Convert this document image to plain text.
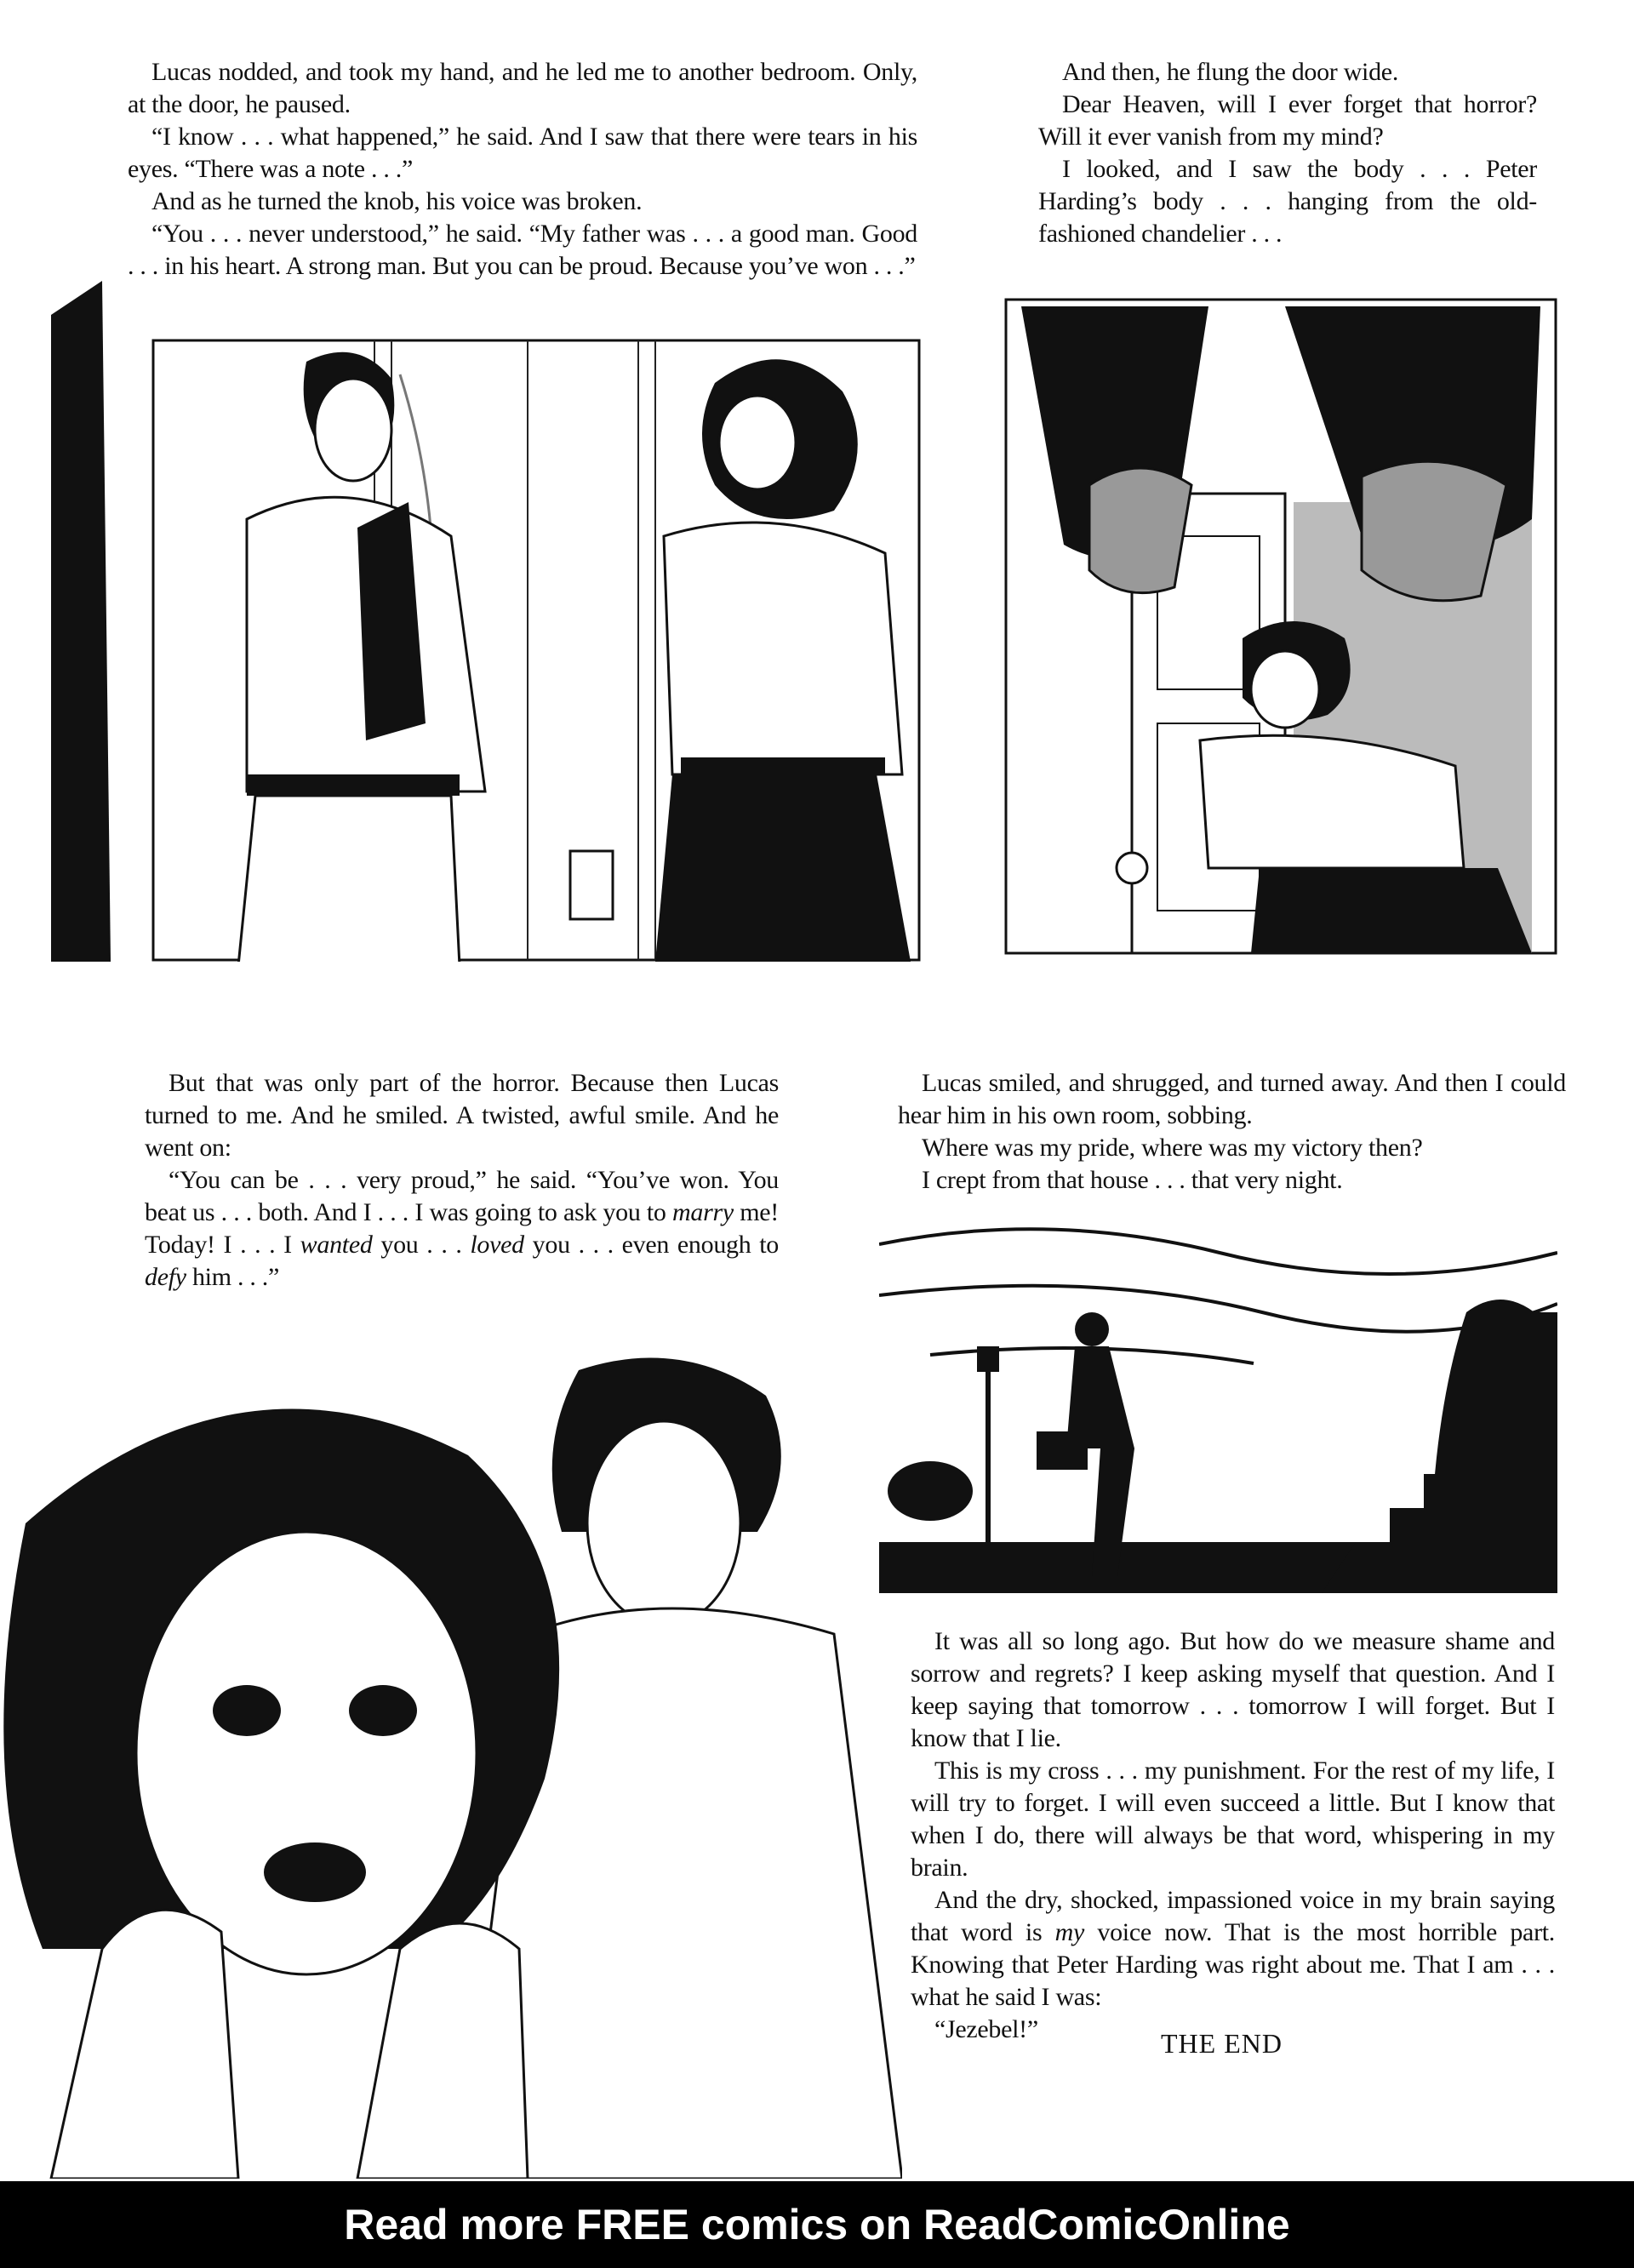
Lucas nodded, and took my hand, and he led me to another bedroom. Only, at the door, he paused.

“I know . . . what happened,” he said. And I saw that there were tears in his eyes. “There was a note . . .”

And as he turned the knob, his voice was broken.

“You . . . never understood,” he said. “My father was . . . a good man. Good . . . in his heart. A strong man. But you can be proud. Because you’ve won . . .”

And then, he flung the door wide.

Dear Heaven, will I ever forget that horror? Will it ever vanish from my mind?

I looked, and I saw the body . . . Peter Harding’s body . . . hanging from the old-fashioned chandelier . . .

But that was only part of the horror. Because then Lucas turned to me. And he smiled. A twisted, awful smile. And he went on:

“You can be . . . very proud,” he said. “You’ve won. You beat us . . . both. And I . . . I was going to ask you to marry me! Today! I . . . I wanted you . . . loved you . . . even enough to defy him . . .”

Lucas smiled, and shrugged, and turned away. And then I could hear him in his own room, sobbing.

Where was my pride, where was my victory then?

I crept from that house . . . that very night.

It was all so long ago. But how do we measure shame and sorrow and regrets? I keep asking myself that question. And I keep saying that tomorrow . . . tomorrow I will forget. But I know that I lie.

This is my cross . . . my punishment. For the rest of my life, I will try to forget. I will even succeed a little. But I know that when I do, there will always be that word, whispering in my brain.

And the dry, shocked, impassioned voice in my brain saying that word is my voice now. That is the most horrible part. Knowing that Peter Harding was right about me. That I am . . . what he said I was:

“Jezebel!”	THE END
Read more FREE comics on ReadComicOnline
